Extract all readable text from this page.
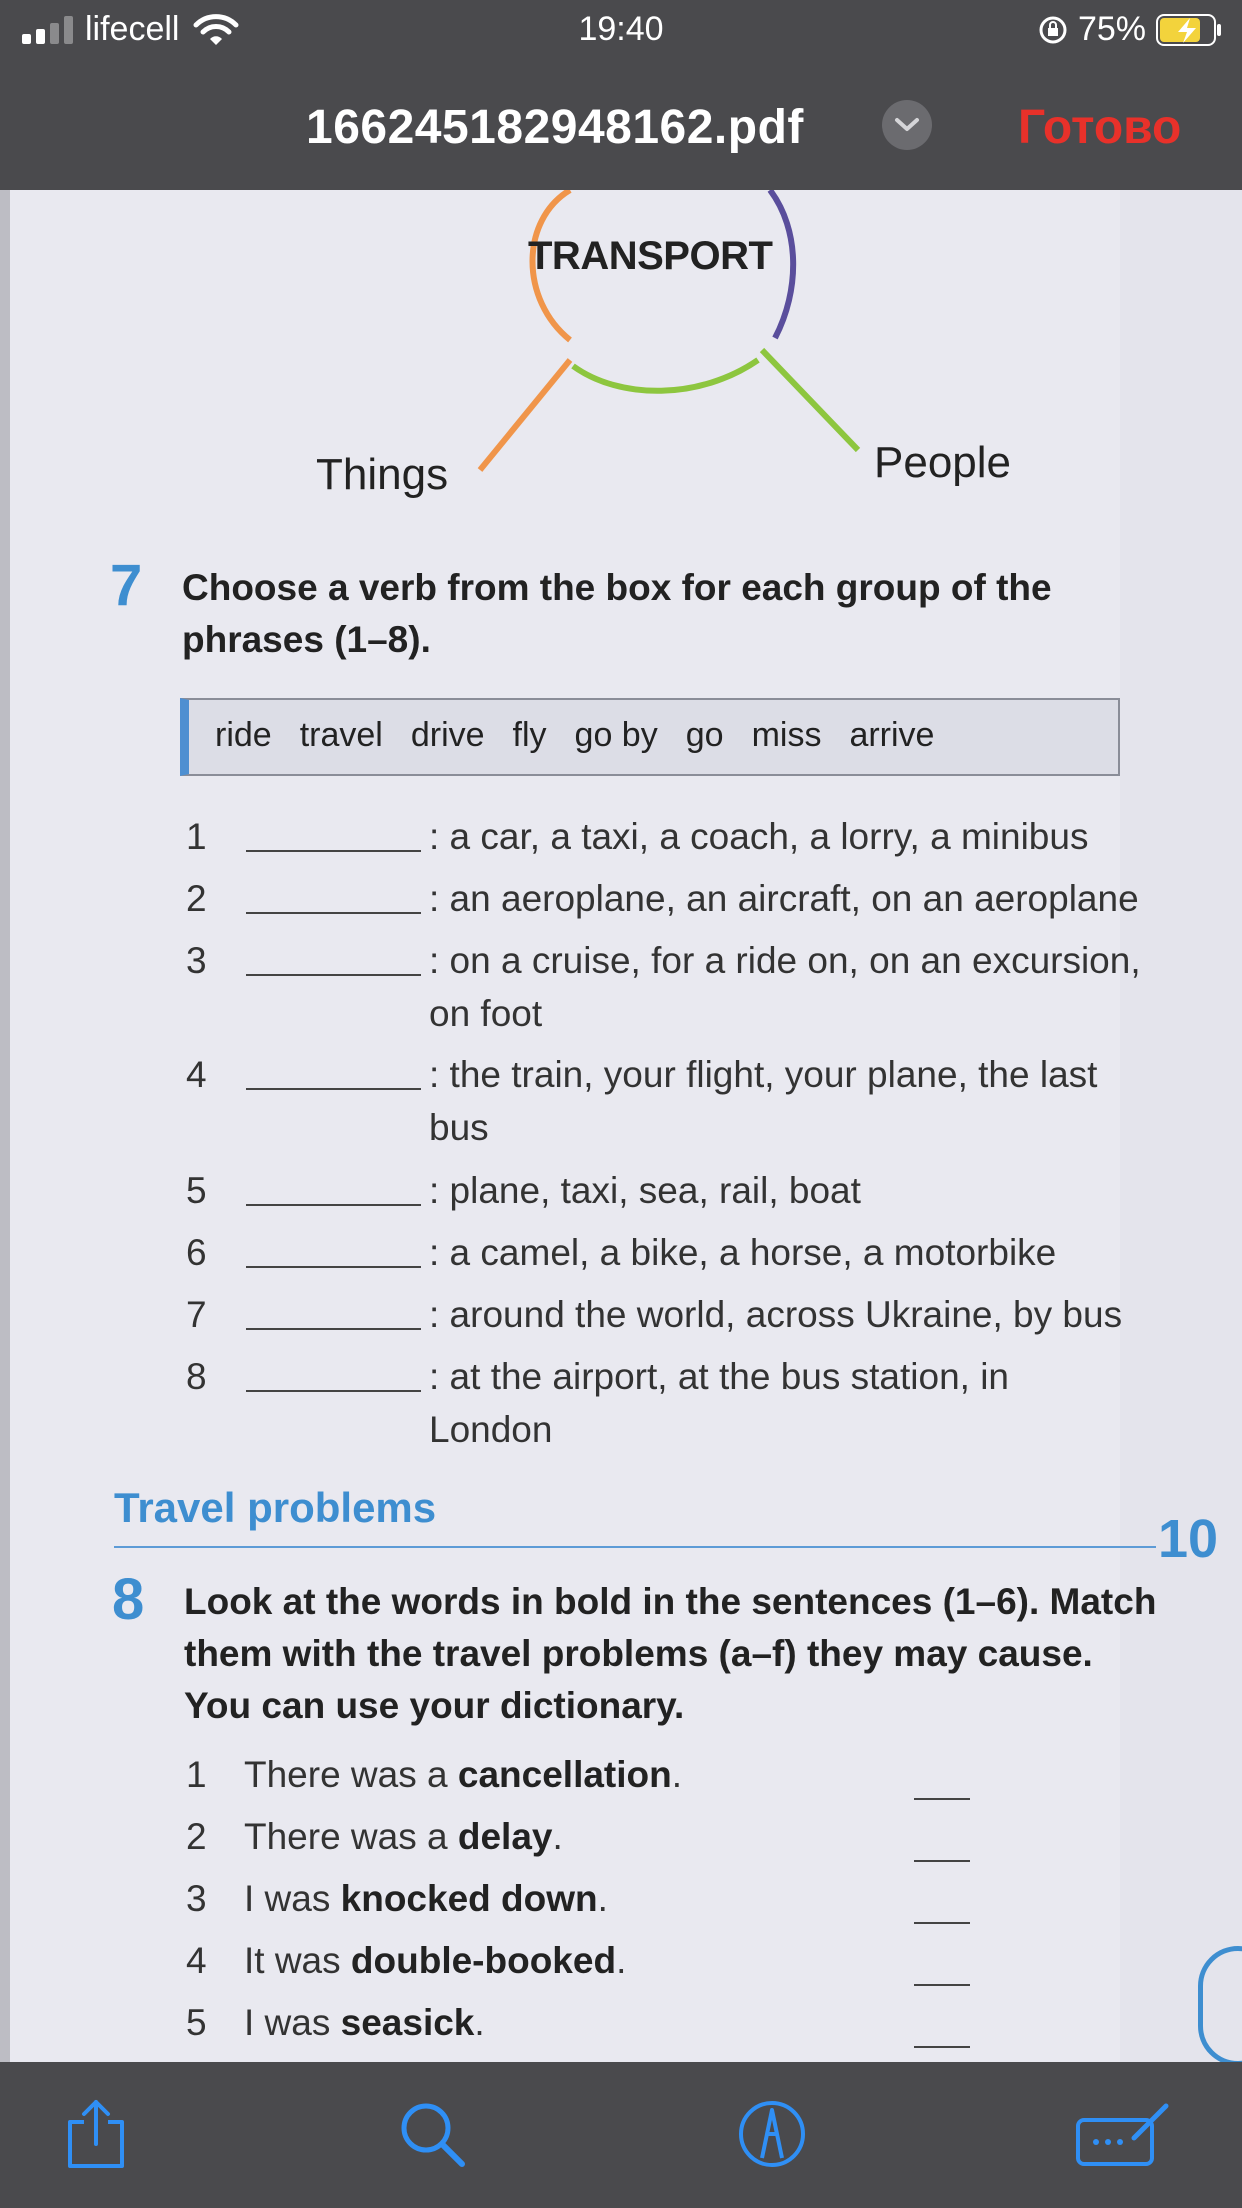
lifecell	19:40	75%
166245182948162.pdf	Готово
TRANSPORT
Things	People
7 Choose a verb from the box for each group of the phrases (1–8).
ride travel drive fly go by go miss arrive
1	: a car, a taxi, a coach, a lorry, a minibus
2	: an aeroplane, an aircraft, on an aeroplane
3	: on a cruise, for a ride on, on an excursion, on foot
4	: the train, your flight, your plane, the last bus
5	: plane, taxi, sea, rail, boat
6	: a camel, a bike, a horse, a motorbike
7	: around the world, across Ukraine, by bus
8	: at the airport, at the bus station, in London
Travel problems
10
8 Look at the words in bold in the sentences (1–6). Match them with the travel problems (a–f) they may cause. You can use your dictionary.
1 There was a cancellation.
2 There was a delay.
3 I was knocked down.
4 It was double-booked.
5 I was seasick.
